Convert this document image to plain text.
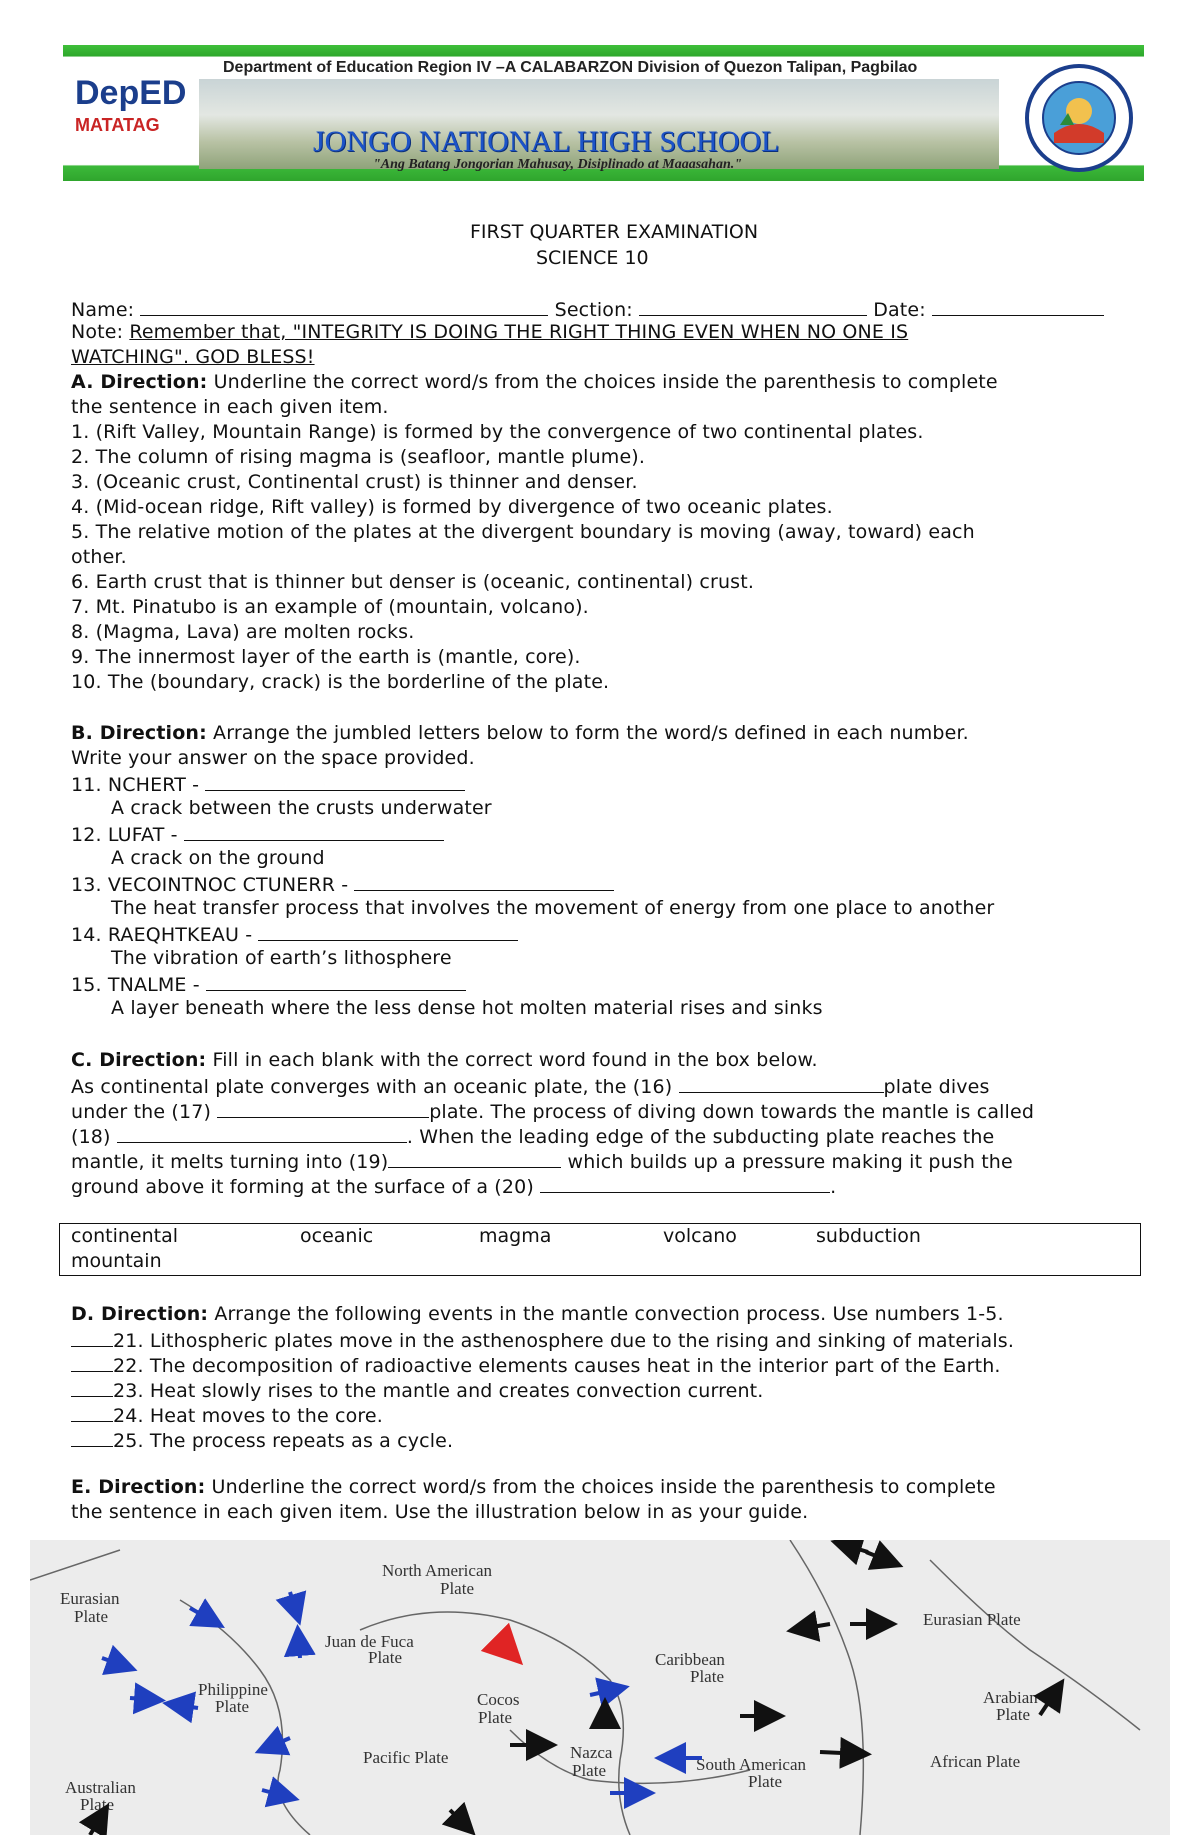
DepED
MATATAG
Department of Education Region IV –A CALABARZON Division of Quezon Talipan, Pagbilao
JONGO NATIONAL HIGH SCHOOL
"Ang Batang Jongorian Mahusay, Disiplinado at Maaasahan."
FIRST QUARTER EXAMINATION
SCIENCE 10
Name:	Section:	Date:
Note: Remember that, "INTEGRITY IS DOING THE RIGHT THING EVEN WHEN NO ONE IS
WATCHING". GOD BLESS!
A. Direction: Underline the correct word/s from the choices inside the parenthesis to complete
the sentence in each given item.
1. (Rift Valley, Mountain Range) is formed by the convergence of two continental plates.
2. The column of rising magma is (seafloor, mantle plume).
3. (Oceanic crust, Continental crust) is thinner and denser.
4. (Mid-ocean ridge, Rift valley) is formed by divergence of two oceanic plates.
5. The relative motion of the plates at the divergent boundary is moving (away, toward) each
other.
6. Earth crust that is thinner but denser is (oceanic, continental) crust.
7. Mt. Pinatubo is an example of (mountain, volcano).
8. (Magma, Lava) are molten rocks.
9. The innermost layer of the earth is (mantle, core).
10. The (boundary, crack) is the borderline of the plate.
B. Direction: Arrange the jumbled letters below to form the word/s defined in each number.
Write your answer on the space provided.
11. NCHERT -
A crack between the crusts underwater
12. LUFAT -
A crack on the ground
13. VECOINTNOC CTUNERR -
The heat transfer process that involves the movement of energy from one place to another
14. RAEQHTKEAU -
The vibration of earth’s lithosphere
15. TNALME -
A layer beneath where the less dense hot molten material rises and sinks
C. Direction: Fill in each blank with the correct word found in the box below.
As continental plate converges with an oceanic plate, the (16)	plate dives
under the (17)	plate. The process of diving down towards the mantle is called
(18)	. When the leading edge of the subducting plate reaches the
mantle, it melts turning into (19)	which builds up a pressure making it push the
ground above it forming at the surface of a (20)	.
continental	oceanic	magma	volcano	subduction
mountain
D. Direction: Arrange the following events in the mantle convection process. Use numbers 1-5.
21. Lithospheric plates move in the asthenosphere due to the rising and sinking of materials.
22. The decomposition of radioactive elements causes heat in the interior part of the Earth.
23. Heat slowly rises to the mantle and creates convection current.
24. Heat moves to the core.
25. The process repeats as a cycle.
E. Direction: Underline the correct word/s from the choices inside the parenthesis to complete
the sentence in each given item. Use the illustration below in as your guide.
North American
Plate
Eurasian
Plate
Juan de Fuca
Plate
Philippine
Plate
Caribbean
Plate
Cocos
Plate
Pacific Plate	Nazca
Plate	South American
Plate
Eurasian Plate
Arabian
Plate
African Plate
Australian
Plate
